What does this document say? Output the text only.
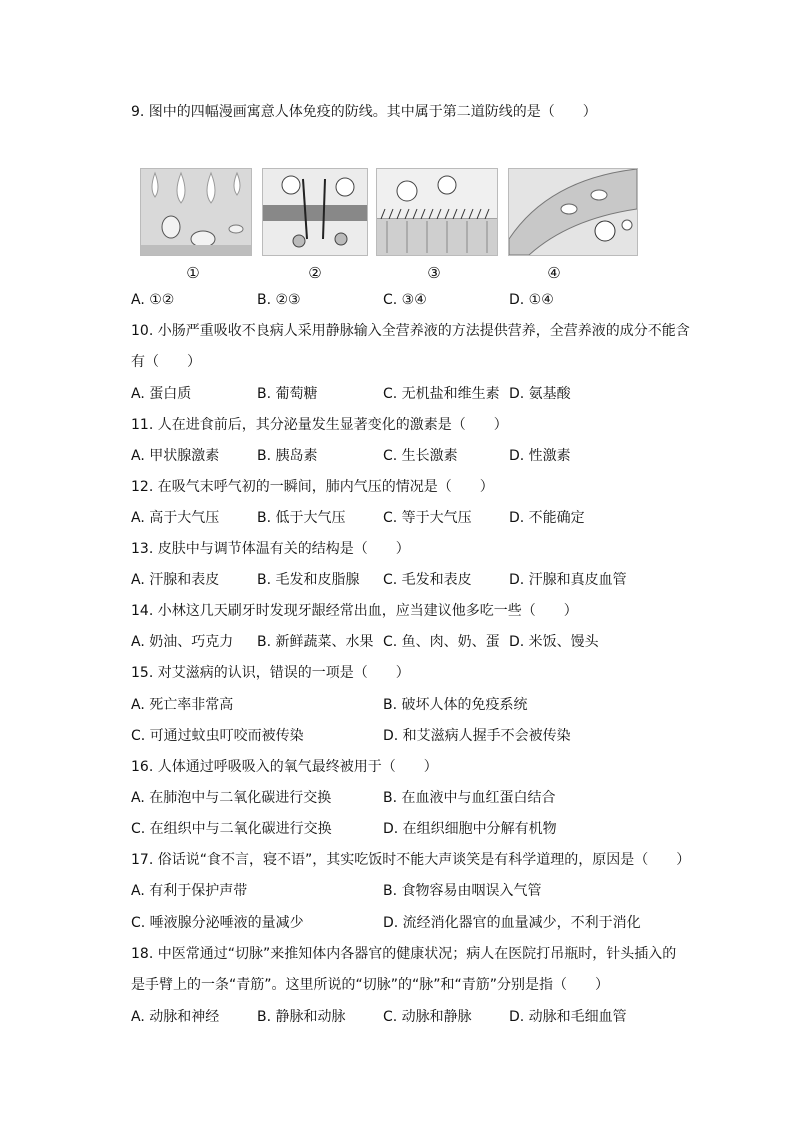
9. 图中的四幅漫画寓意人体免疫的防线。其中属于第二道防线的是（　　）
①	②	③	④
A. ①②	B. ②③	C. ③④	D. ①④
10. 小肠严重吸收不良病人采用静脉输入全营养液的方法提供营养，全营养液的成分不能含
有（　　）
A. 蛋白质	B. 葡萄糖	C. 无机盐和维生素 D. 氨基酸
11. 人在进食前后，其分泌量发生显著变化的激素是（　　）
A. 甲状腺激素	B. 胰岛素	C. 生长激素	D. 性激素
12. 在吸气末呼气初的一瞬间，肺内气压的情况是（　　）
A. 高于大气压	B. 低于大气压	C. 等于大气压	D. 不能确定
13. 皮肤中与调节体温有关的结构是（　　）
A. 汗腺和表皮	B. 毛发和皮脂腺 C. 毛发和表皮	D. 汗腺和真皮血管
14. 小林这几天刷牙时发现牙龈经常出血，应当建议他多吃一些（　　）
A. 奶油、巧克力 B. 新鲜蔬菜、水果 C. 鱼、肉、奶、蛋 D. 米饭、馒头
15. 对艾滋病的认识，错误的一项是（　　）
A. 死亡率非常高	B. 破坏人体的免疫系统
C. 可通过蚊虫叮咬而被传染	D. 和艾滋病人握手不会被传染
16. 人体通过呼吸吸入的氧气最终被用于（　　）
A. 在肺泡中与二氧化碳进行交换	B. 在血液中与血红蛋白结合
C. 在组织中与二氧化碳进行交换	D. 在组织细胞中分解有机物
17. 俗话说“食不言，寝不语”，其实吃饭时不能大声谈笑是有科学道理的，原因是（　　）
A. 有利于保护声带	B. 食物容易由咽误入气管
C. 唾液腺分泌唾液的量减少	D. 流经消化器官的血量减少，不利于消化
18. 中医常通过“切脉”来推知体内各器官的健康状况；病人在医院打吊瓶时，针头插入的
是手臂上的一条“青筋”。这里所说的“切脉”的“脉”和“青筋”分别是指（　　）
A. 动脉和神经	B. 静脉和动脉	C. 动脉和静脉	D. 动脉和毛细血管
